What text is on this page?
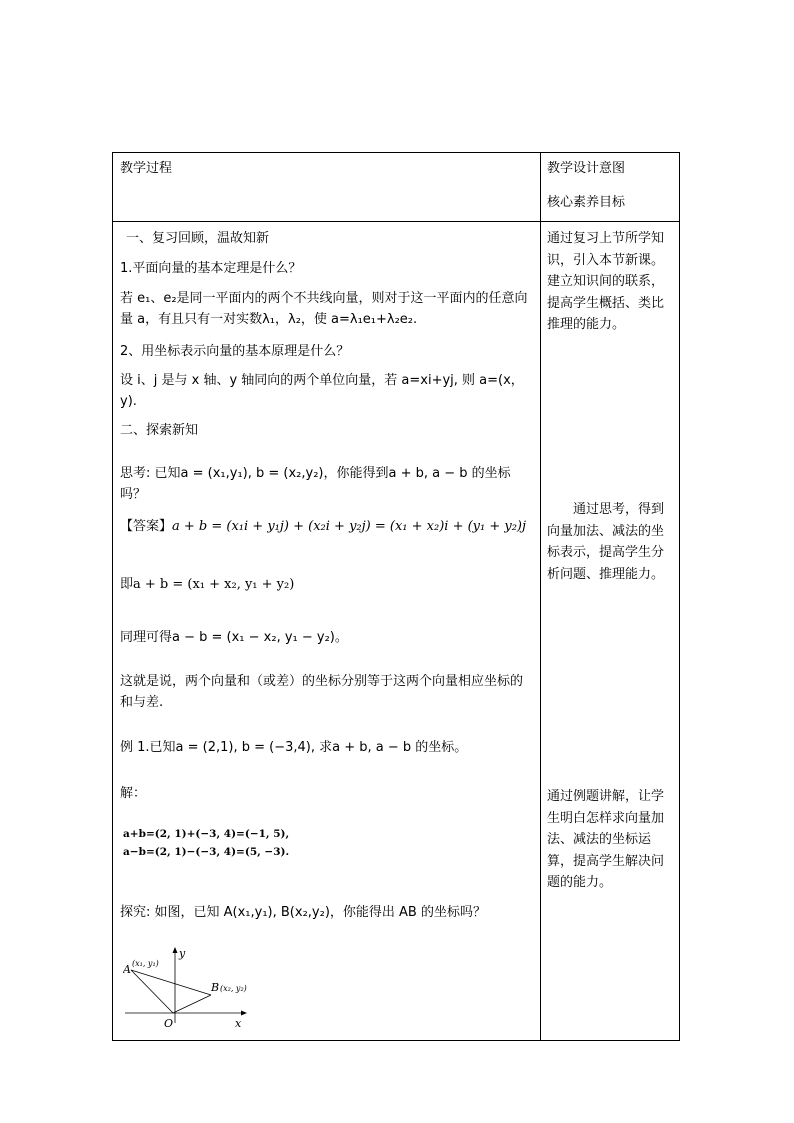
教学过程	教学设计意图

核心素养目标

一、复习回顾，温故知新
1.平面向量的基本定理是什么？
若 e₁、e₂是同一平面内的两个不共线向量，则对于这一平面内的任意向量 a，有且只有一对实数λ₁，λ₂，使 a=λ₁e₁+λ₂e₂.
2、用坐标表示向量的基本原理是什么？
设 i、j 是与 x 轴、y 轴同向的两个单位向量，若 a=xi+yj, 则 a=(x，y).
二、探索新知
思考: 已知a = (x₁,y₁), b = (x₂,y₂)，你能得到a + b, a − b 的坐标吗？
【答案】a + b = (x₁i + y₁j) + (x₂i + y₂j) = (x₁ + x₂)i + (y₁ + y₂)j
即a + b = (x₁ + x₂, y₁ + y₂)
同理可得a − b = (x₁ − x₂, y₁ − y₂)。
这就是说，两个向量和（或差）的坐标分别等于这两个向量相应坐标的和与差.
例 1.已知a = (2,1), b = (−3,4), 求a + b, a − b 的坐标。
解：
a+b=(2, 1)+(−3, 4)=(−1, 5),
a−b=(2, 1)−(−3, 4)=(5, −3).
探究: 如图，已知 A(x₁,y₁), B(x₂,y₂)，你能得出 AB 的坐标吗？
A (x₁, y₁)
B (x₂, y₂)
O	x
y
通过复习上节所学知识，引入本节新课。建立知识间的联系，提高学生概括、类比推理的能力。
通过思考，得到向量加法、减法的坐标表示，提高学生分析问题、推理能力。
通过例题讲解，让学生明白怎样求向量加法、减法的坐标运算，提高学生解决问题的能力。
